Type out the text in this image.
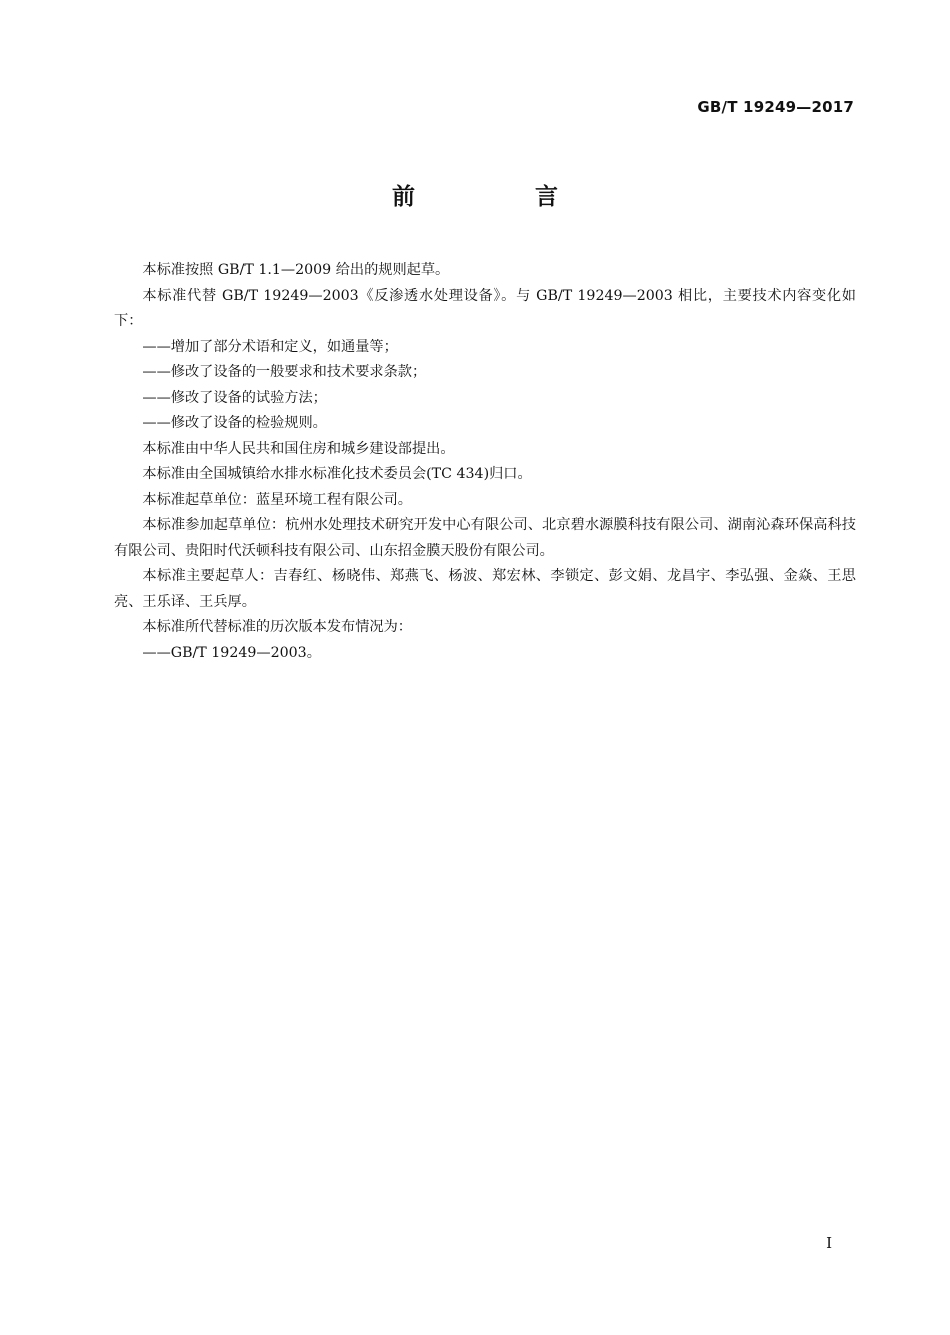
GB/T 19249—2017
前 言

本标准按照 GB/T 1.1—2009 给出的规则起草。

本标准代替 GB/T 19249—2003《反渗透水处理设备》。与 GB/T 19249—2003 相比，主要技术内容变化如下：

——增加了部分术语和定义，如通量等；

——修改了设备的一般要求和技术要求条款；

——修改了设备的试验方法；

——修改了设备的检验规则。

本标准由中华人民共和国住房和城乡建设部提出。

本标准由全国城镇给水排水标准化技术委员会(TC 434)归口。

本标准起草单位：蓝星环境工程有限公司。

本标准参加起草单位：杭州水处理技术研究开发中心有限公司、北京碧水源膜科技有限公司、湖南沁森环保高科技有限公司、贵阳时代沃顿科技有限公司、山东招金膜天股份有限公司。

本标准主要起草人：吉春红、杨晓伟、郑燕飞、杨波、郑宏林、李锁定、彭文娟、龙昌宇、李弘强、金焱、王思亮、王乐译、王兵厚。

本标准所代替标准的历次版本发布情况为：

——GB/T 19249—2003。

I
